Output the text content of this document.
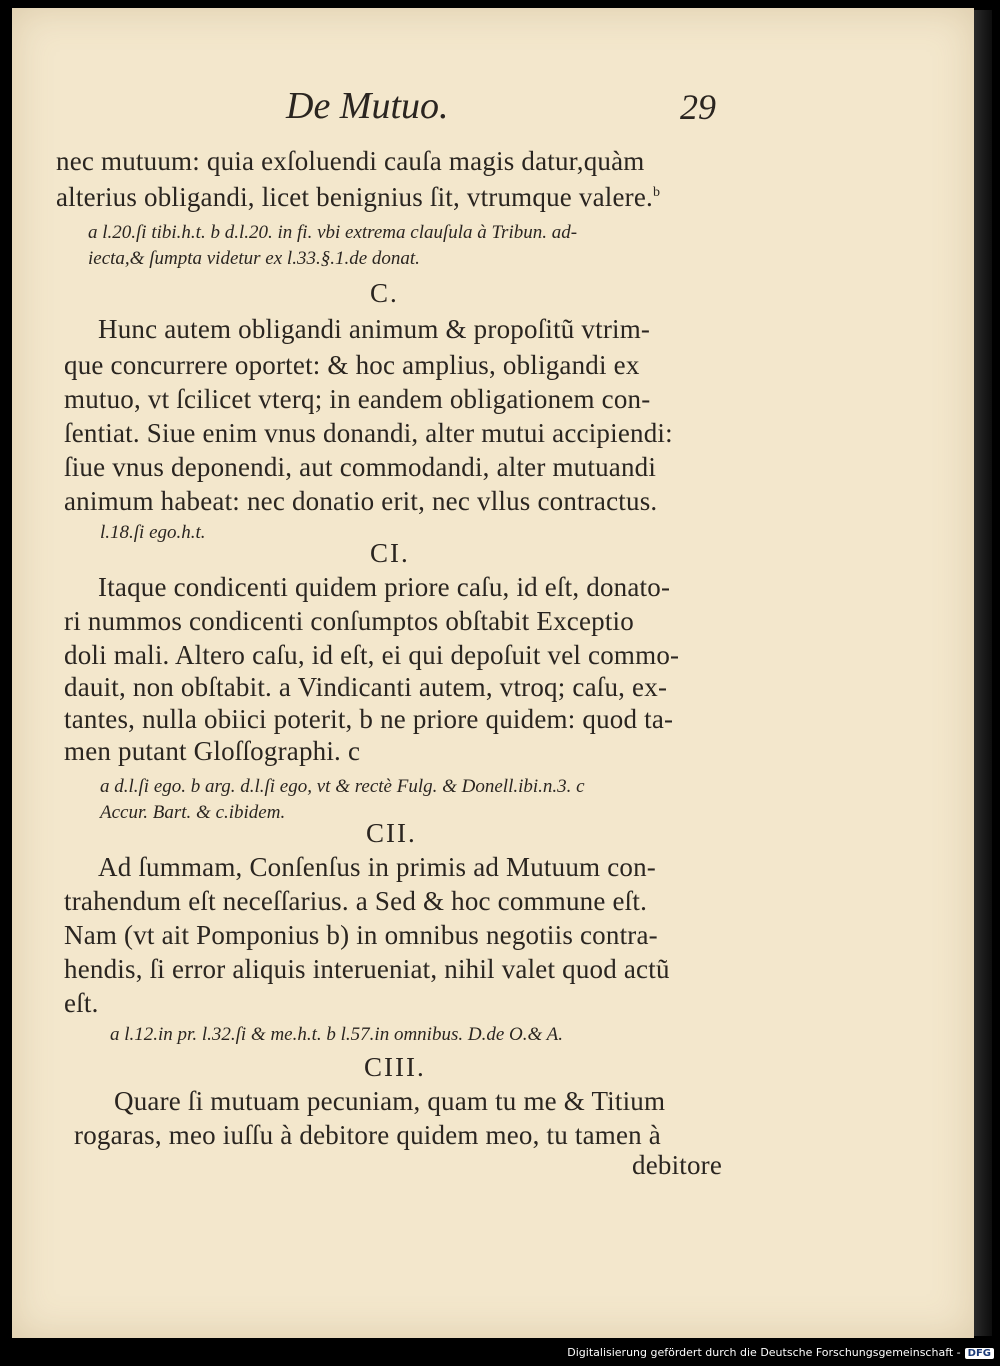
De Mutuo.	29
nec mutuum: quia exſoluendi cauſa magis datur,quàm
alterius obligandi, licet benignius ſit, vtrumque valere.$^b$
a l.20.ſi tibi.h.t. b d.l.20. in fi. vbi extrema clauſula à Tribun. ad-
iecta,& ſumpta videtur ex l.33.§.1.de donat.
C.
Hunc autem obligandi animum & propoſitũ vtrim-
que concurrere oportet: & hoc amplius, obligandi ex
mutuo, vt ſcilicet vterq; in eandem obligationem con-
ſentiat. Siue enim vnus donandi, alter mutui accipiendi:
ſiue vnus deponendi, aut commodandi, alter mutuandi
animum habeat: nec donatio erit, nec vllus contractus.
l.18.ſi ego.h.t.
CI.
Itaque condicenti quidem priore caſu, id eſt, donato-
ri nummos condicenti conſumptos obſtabit Exceptio
doli mali. Altero caſu, id eſt, ei qui depoſuit vel commo-
dauit, non obſtabit. a Vindicanti autem, vtroq; caſu, ex-
tantes, nulla obiici poterit, b ne priore quidem: quod ta-
men putant Gloſſographi. c
a d.l.ſi ego. b arg. d.l.ſi ego, vt & rectè Fulg. & Donell.ibi.n.3. c
Accur. Bart. & c.ibidem.
CII.
Ad ſummam, Conſenſus in primis ad Mutuum con-
trahendum eſt neceſſarius. a Sed & hoc commune eſt.
Nam (vt ait Pomponius b) in omnibus negotiis contra-
hendis, ſi error aliquis interueniat, nihil valet quod actũ
eſt.
a l.12.in pr. l.32.ſi & me.h.t. b l.57.in omnibus. D.de O.& A.
CIII.
Quare ſi mutuam pecuniam, quam tu me & Titium
rogaras, meo iuſſu à debitore quidem meo, tu tamen à
debitore
Digitalisierung gefördert durch die Deutsche Forschungsgemeinschaft - DFG
